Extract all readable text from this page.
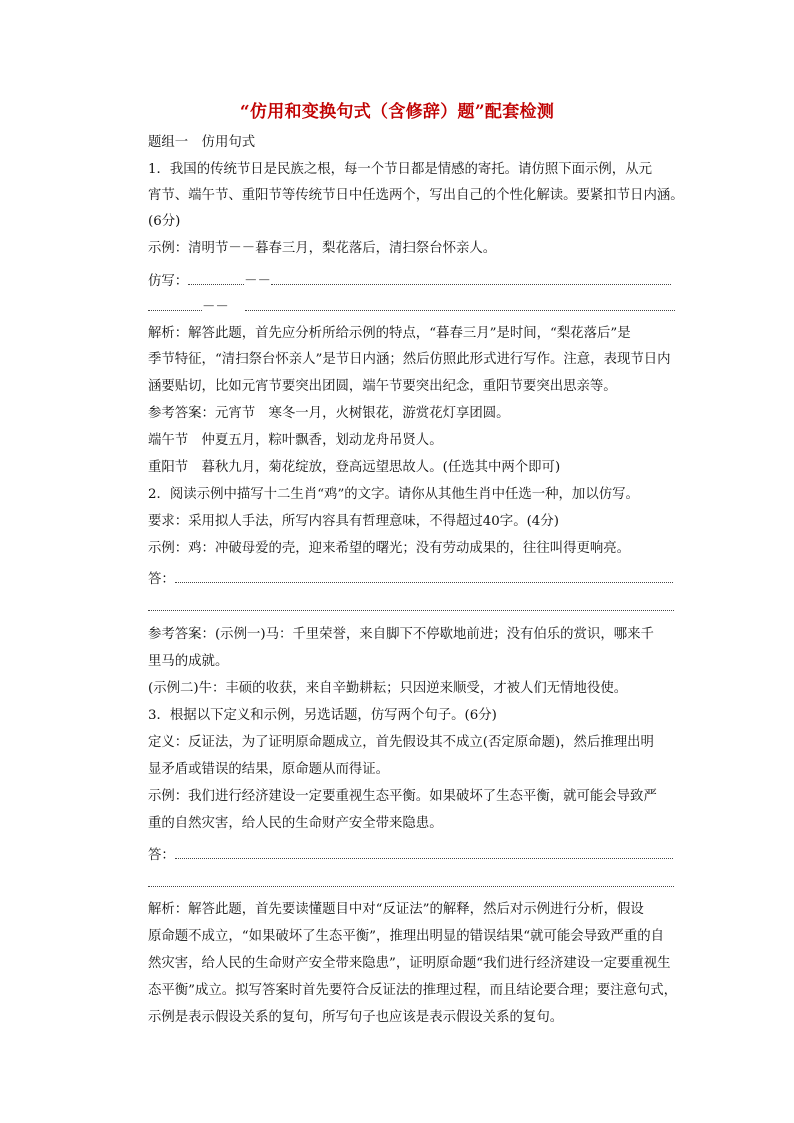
“仿用和变换句式（含修辞）题”配套检测
题组一　仿用句式
1．我国的传统节日是民族之根，每一个节日都是情感的寄托。请仿照下面示例，从元
宵节、端午节、重阳节等传统节日中任选两个，写出自己的个性化解读。要紧扣节日内涵。
(6分)
示例：清明节－－暮春三月，梨花落后，清扫祭台怀亲人。
仿写：	－－
－－
解析：解答此题，首先应分析所给示例的特点，“暮春三月”是时间，“梨花落后”是
季节特征，“清扫祭台怀亲人”是节日内涵；然后仿照此形式进行写作。注意，表现节日内
涵要贴切，比如元宵节要突出团圆，端午节要突出纪念，重阳节要突出思亲等。
参考答案：元宵节　寒冬一月，火树银花，游赏花灯享团圆。
端午节　仲夏五月，粽叶飘香，划动龙舟吊贤人。
重阳节　暮秋九月，菊花绽放，登高远望思故人。(任选其中两个即可)
2．阅读示例中描写十二生肖“鸡”的文字。请你从其他生肖中任选一种，加以仿写。
要求：采用拟人手法，所写内容具有哲理意味，不得超过40字。(4分)
示例：鸡：冲破母爱的壳，迎来希望的曙光；没有劳动成果的，往往叫得更响亮。
答：
参考答案：(示例一)马：千里荣誉，来自脚下不停歇地前进；没有伯乐的赏识，哪来千
里马的成就。
(示例二)牛：丰硕的收获，来自辛勤耕耘；只因逆来顺受，才被人们无情地役使。
3．根据以下定义和示例，另选话题，仿写两个句子。(6分)
定义：反证法，为了证明原命题成立，首先假设其不成立(否定原命题)，然后推理出明
显矛盾或错误的结果，原命题从而得证。
示例：我们进行经济建设一定要重视生态平衡。如果破坏了生态平衡，就可能会导致严
重的自然灾害，给人民的生命财产安全带来隐患。
答：
解析：解答此题，首先要读懂题目中对“反证法”的解释，然后对示例进行分析，假设
原命题不成立，“如果破坏了生态平衡”，推理出明显的错误结果“就可能会导致严重的自
然灾害，给人民的生命财产安全带来隐患”，证明原命题“我们进行经济建设一定要重视生
态平衡”成立。拟写答案时首先要符合反证法的推理过程，而且结论要合理；要注意句式，
示例是表示假设关系的复句，所写句子也应该是表示假设关系的复句。
